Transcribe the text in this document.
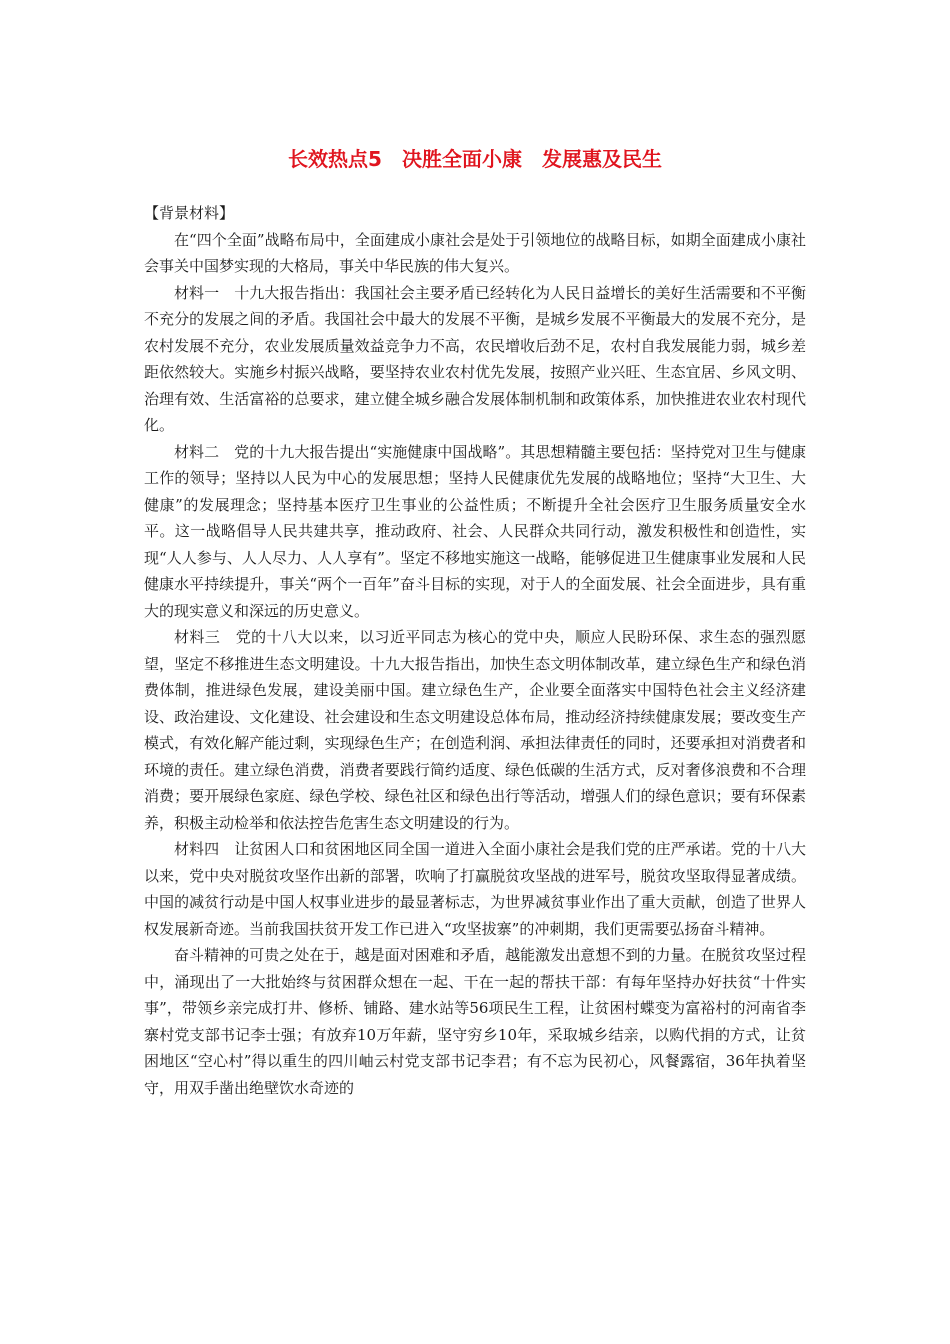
长效热点5　决胜全面小康　发展惠及民生

【背景材料】

在“四个全面”战略布局中，全面建成小康社会是处于引领地位的战略目标，如期全面建成小康社会事关中国梦实现的大格局，事关中华民族的伟大复兴。

材料一　十九大报告指出：我国社会主要矛盾已经转化为人民日益增长的美好生活需要和不平衡不充分的发展之间的矛盾。我国社会中最大的发展不平衡，是城乡发展不平衡最大的发展不充分，是农村发展不充分，农业发展质量效益竞争力不高，农民增收后劲不足，农村自我发展能力弱，城乡差距依然较大。实施乡村振兴战略，要坚持农业农村优先发展，按照产业兴旺、生态宜居、乡风文明、治理有效、生活富裕的总要求，建立健全城乡融合发展体制机制和政策体系，加快推进农业农村现代化。

材料二　党的十九大报告提出“实施健康中国战略”。其思想精髓主要包括：坚持党对卫生与健康工作的领导；坚持以人民为中心的发展思想；坚持人民健康优先发展的战略地位；坚持“大卫生、大健康”的发展理念；坚持基本医疗卫生事业的公益性质；不断提升全社会医疗卫生服务质量安全水平。这一战略倡导人民共建共享，推动政府、社会、人民群众共同行动，激发积极性和创造性，实现“人人参与、人人尽力、人人享有”。坚定不移地实施这一战略，能够促进卫生健康事业发展和人民健康水平持续提升，事关“两个一百年”奋斗目标的实现，对于人的全面发展、社会全面进步，具有重大的现实意义和深远的历史意义。

材料三　党的十八大以来，以习近平同志为核心的党中央，顺应人民盼环保、求生态的强烈愿望，坚定不移推进生态文明建设。十九大报告指出，加快生态文明体制改革，建立绿色生产和绿色消费体制，推进绿色发展，建设美丽中国。建立绿色生产，企业要全面落实中国特色社会主义经济建设、政治建设、文化建设、社会建设和生态文明建设总体布局，推动经济持续健康发展；要改变生产模式，有效化解产能过剩，实现绿色生产；在创造利润、承担法律责任的同时，还要承担对消费者和环境的责任。建立绿色消费，消费者要践行简约适度、绿色低碳的生活方式，反对奢侈浪费和不合理消费；要开展绿色家庭、绿色学校、绿色社区和绿色出行等活动，增强人们的绿色意识；要有环保素养，积极主动检举和依法控告危害生态文明建设的行为。

材料四　让贫困人口和贫困地区同全国一道进入全面小康社会是我们党的庄严承诺。党的十八大以来，党中央对脱贫攻坚作出新的部署，吹响了打赢脱贫攻坚战的进军号，脱贫攻坚取得显著成绩。中国的减贫行动是中国人权事业进步的最显著标志，为世界减贫事业作出了重大贡献，创造了世界人权发展新奇迹。当前我国扶贫开发工作已进入“攻坚拔寨”的冲刺期，我们更需要弘扬奋斗精神。

奋斗精神的可贵之处在于，越是面对困难和矛盾，越能激发出意想不到的力量。在脱贫攻坚过程中，涌现出了一大批始终与贫困群众想在一起、干在一起的帮扶干部：有每年坚持办好扶贫“十件实事”，带领乡亲完成打井、修桥、铺路、建水站等56项民生工程，让贫困村蝶变为富裕村的河南省李寨村党支部书记李士强；有放弃10万年薪，坚守穷乡10年，采取城乡结亲，以购代捐的方式，让贫困地区“空心村”得以重生的四川岫云村党支部书记李君；有不忘为民初心，风餐露宿，36年执着坚守，用双手凿出绝壁饮水奇迹的
